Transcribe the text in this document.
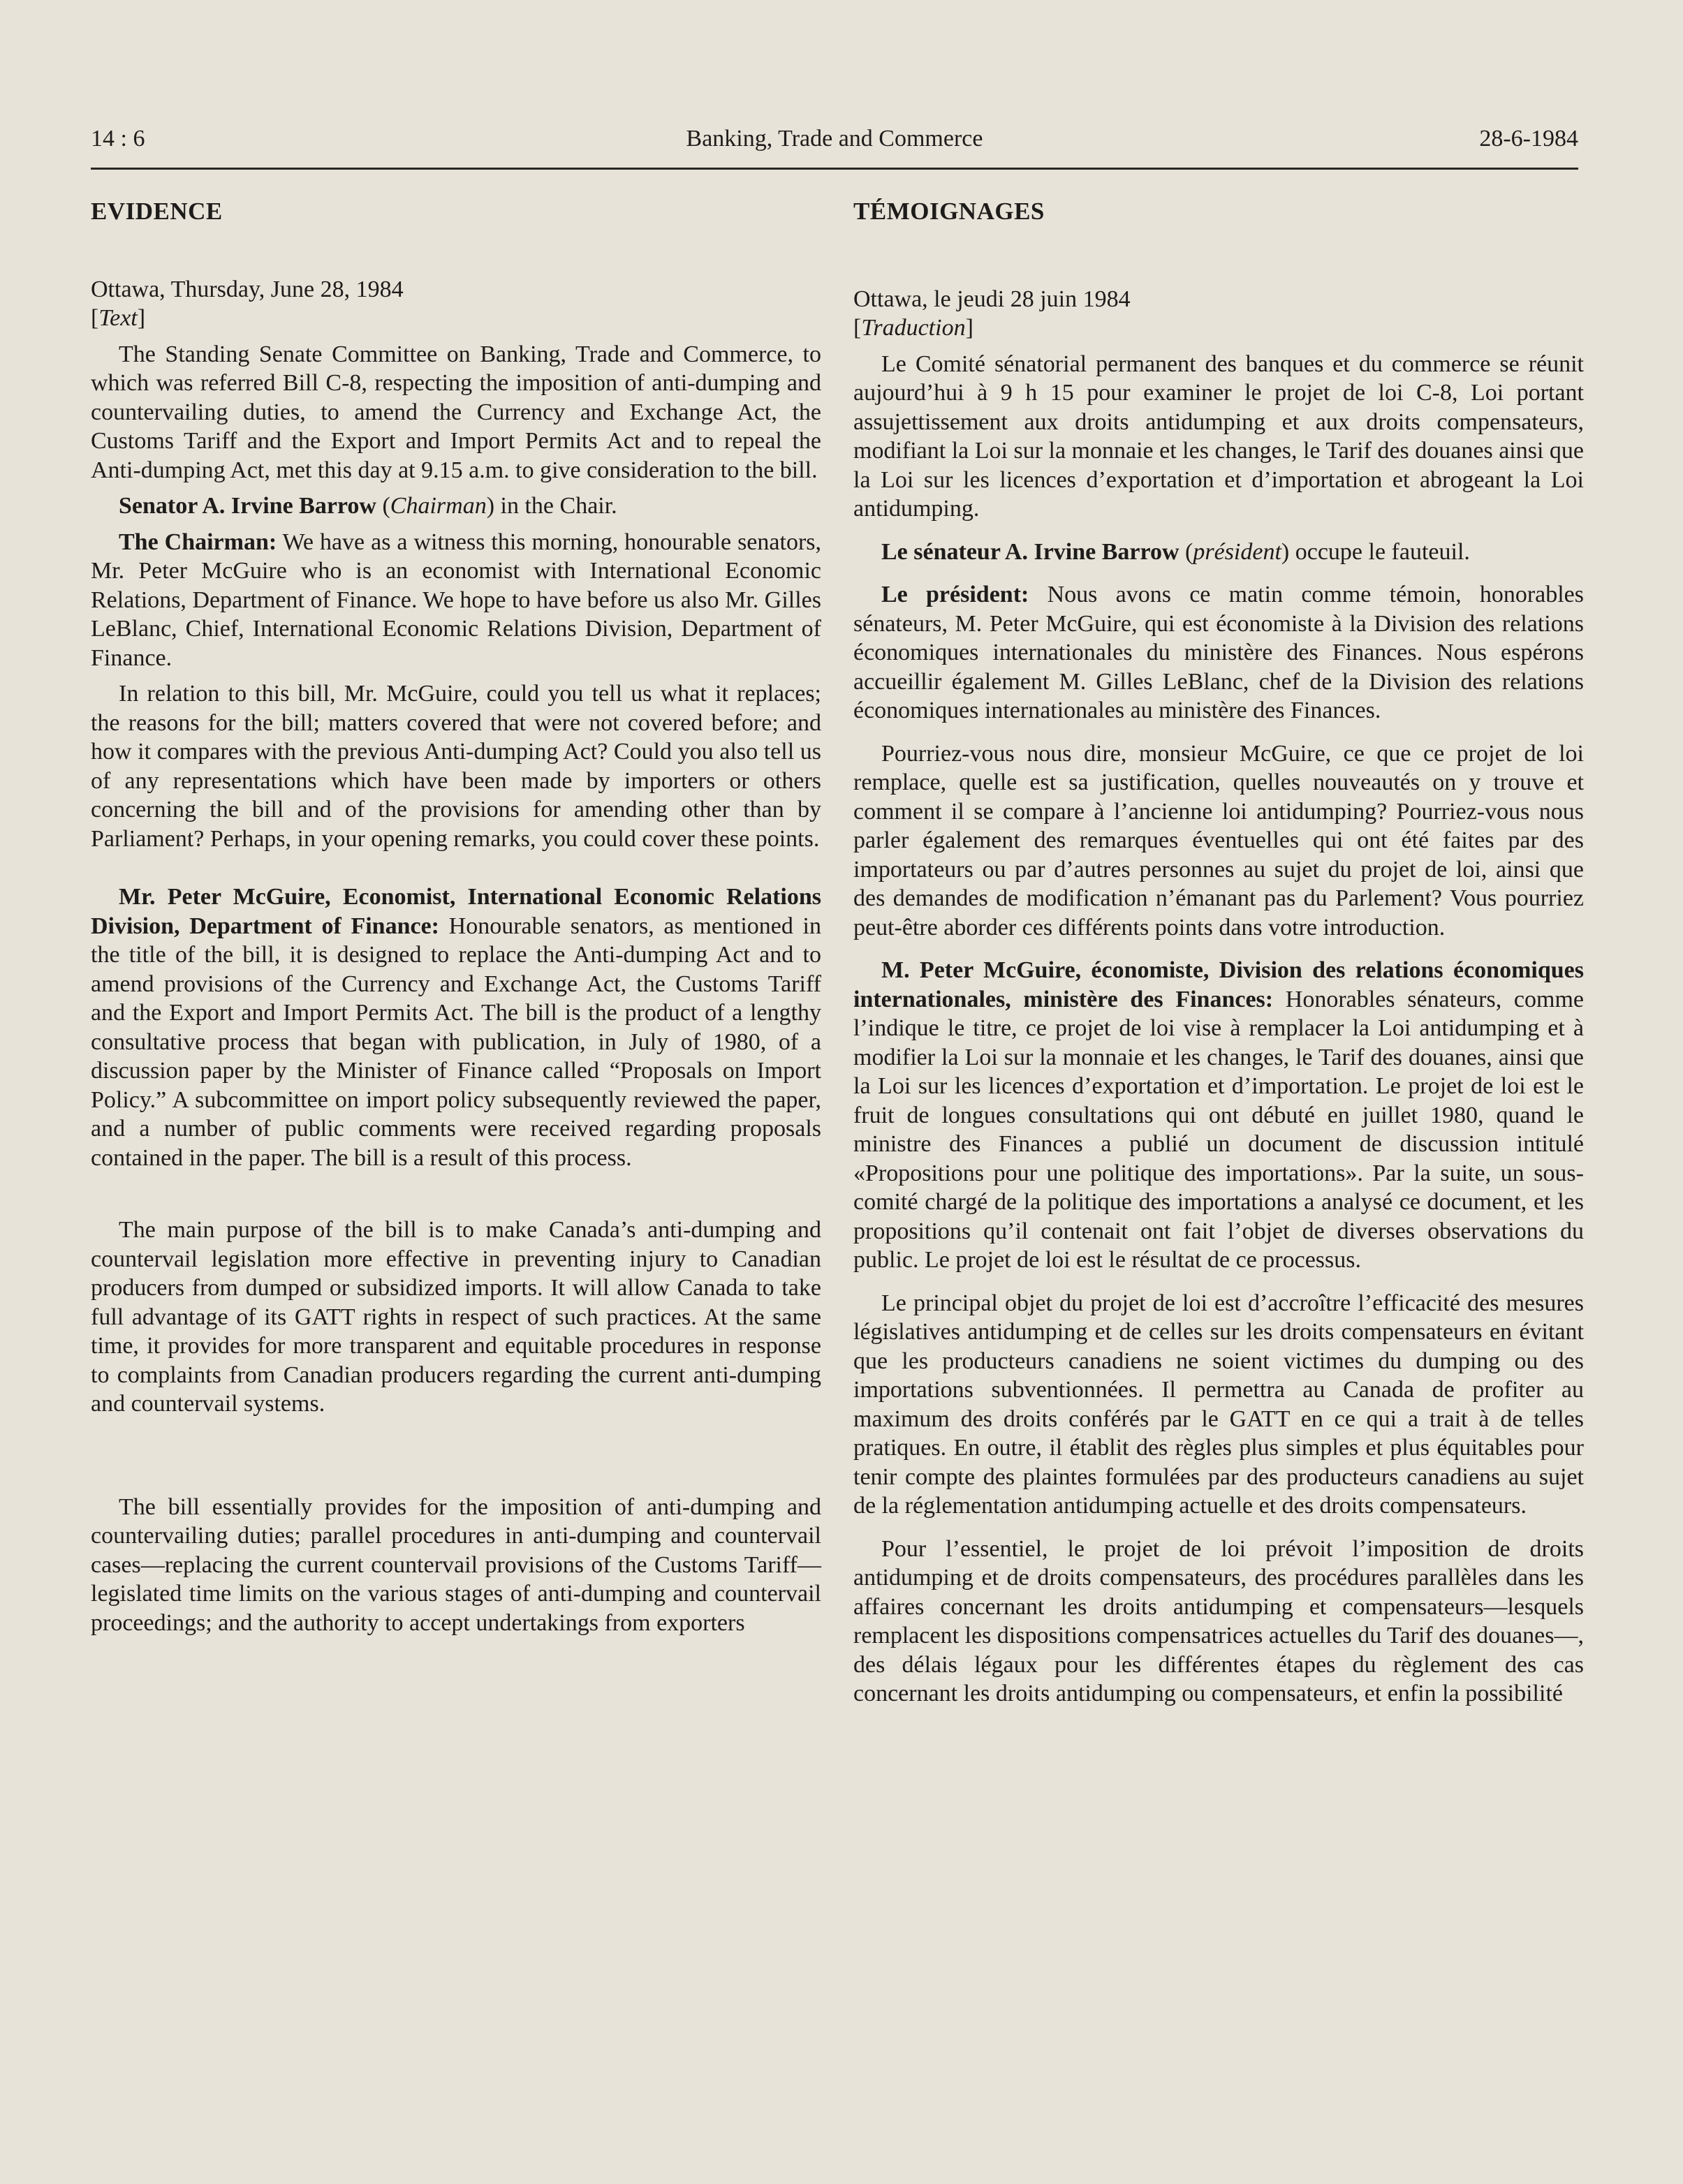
14 : 6	Banking, Trade and Commerce	28-6-1984
EVIDENCE

Ottawa, Thursday, June 28, 1984

[Text]

The Standing Senate Committee on Banking, Trade and Commerce, to which was referred Bill C-8, respecting the imposition of anti-dumping and countervailing duties, to amend the Currency and Exchange Act, the Customs Tariff and the Export and Import Permits Act and to repeal the Anti-dumping Act, met this day at 9.15 a.m. to give consideration to the bill.

Senator A. Irvine Barrow (Chairman) in the Chair.

The Chairman: We have as a witness this morning, honourable senators, Mr. Peter McGuire who is an economist with International Economic Relations, Department of Finance. We hope to have before us also Mr. Gilles LeBlanc, Chief, International Economic Relations Division, Department of Finance.

In relation to this bill, Mr. McGuire, could you tell us what it replaces; the reasons for the bill; matters covered that were not covered before; and how it compares with the previous Anti-dumping Act? Could you also tell us of any representations which have been made by importers or others concerning the bill and of the provisions for amending other than by Parliament? Perhaps, in your opening remarks, you could cover these points.

Mr. Peter McGuire, Economist, International Economic Relations Division, Department of Finance: Honourable senators, as mentioned in the title of the bill, it is designed to replace the Anti-dumping Act and to amend provisions of the Currency and Exchange Act, the Customs Tariff and the Export and Import Permits Act. The bill is the product of a lengthy consultative process that began with publication, in July of 1980, of a discussion paper by the Minister of Finance called “Proposals on Import Policy.” A subcommittee on import policy subsequently reviewed the paper, and a number of public comments were received regarding proposals contained in the paper. The bill is a result of this process.

The main purpose of the bill is to make Canada’s anti-dumping and countervail legislation more effective in preventing injury to Canadian producers from dumped or subsidized imports. It will allow Canada to take full advantage of its GATT rights in respect of such practices. At the same time, it provides for more transparent and equitable procedures in response to complaints from Canadian producers regarding the current anti-dumping and countervail systems.

The bill essentially provides for the imposition of anti-dumping and countervailing duties; parallel procedures in anti-dumping and countervail cases—replacing the current countervail provisions of the Customs Tariff—legislated time limits on the various stages of anti-dumping and countervail proceedings; and the authority to accept undertakings from exporters

TÉMOIGNAGES

Ottawa, le jeudi 28 juin 1984

[Traduction]

Le Comité sénatorial permanent des banques et du commerce se réunit aujourd’hui à 9 h 15 pour examiner le projet de loi C-8, Loi portant assujettissement aux droits antidumping et aux droits compensateurs, modifiant la Loi sur la monnaie et les changes, le Tarif des douanes ainsi que la Loi sur les licences d’exportation et d’importation et abrogeant la Loi antidumping.

Le sénateur A. Irvine Barrow (président) occupe le fauteuil.

Le président: Nous avons ce matin comme témoin, honorables sénateurs, M. Peter McGuire, qui est économiste à la Division des relations économiques internationales du ministère des Finances. Nous espérons accueillir également M. Gilles LeBlanc, chef de la Division des relations économiques internationales au ministère des Finances.

Pourriez-vous nous dire, monsieur McGuire, ce que ce projet de loi remplace, quelle est sa justification, quelles nouveautés on y trouve et comment il se compare à l’ancienne loi antidumping? Pourriez-vous nous parler également des remarques éventuelles qui ont été faites par des importateurs ou par d’autres personnes au sujet du projet de loi, ainsi que des demandes de modification n’émanant pas du Parlement? Vous pourriez peut-être aborder ces différents points dans votre introduction.

M. Peter McGuire, économiste, Division des relations économiques internationales, ministère des Finances: Honorables sénateurs, comme l’indique le titre, ce projet de loi vise à remplacer la Loi antidumping et à modifier la Loi sur la monnaie et les changes, le Tarif des douanes, ainsi que la Loi sur les licences d’exportation et d’importation. Le projet de loi est le fruit de longues consultations qui ont débuté en juillet 1980, quand le ministre des Finances a publié un document de discussion intitulé «Propositions pour une politique des importations». Par la suite, un sous-comité chargé de la politique des importations a analysé ce document, et les propositions qu’il contenait ont fait l’objet de diverses observations du public. Le projet de loi est le résultat de ce processus.

Le principal objet du projet de loi est d’accroître l’efficacité des mesures législatives antidumping et de celles sur les droits compensateurs en évitant que les producteurs canadiens ne soient victimes du dumping ou des importations subventionnées. Il permettra au Canada de profiter au maximum des droits conférés par le GATT en ce qui a trait à de telles pratiques. En outre, il établit des règles plus simples et plus équitables pour tenir compte des plaintes formulées par des producteurs canadiens au sujet de la réglementation antidumping actuelle et des droits compensateurs.

Pour l’essentiel, le projet de loi prévoit l’imposition de droits antidumping et de droits compensateurs, des procédures parallèles dans les affaires concernant les droits antidumping et compensateurs—lesquels remplacent les dispositions compensatrices actuelles du Tarif des douanes—, des délais légaux pour les différentes étapes du règlement des cas concernant les droits antidumping ou compensateurs, et enfin la possibilité
